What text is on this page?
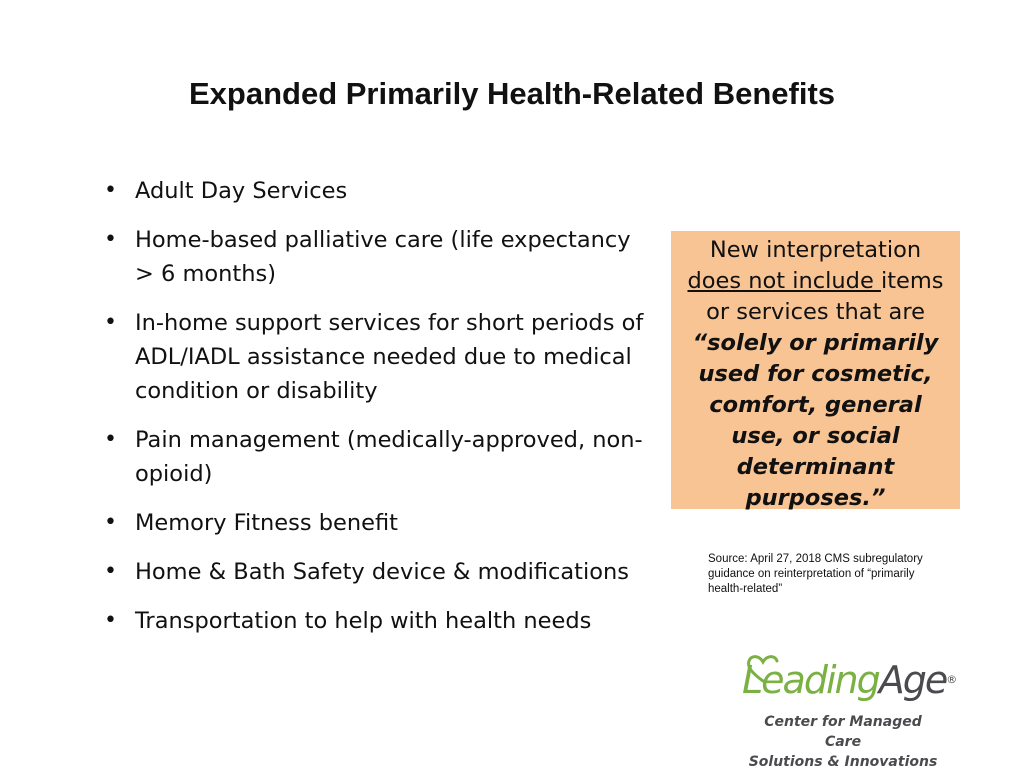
Expanded Primarily Health-Related Benefits
• Adult Day Services
• Home-based palliative care (life expectancy > 6 months)
• In-home support services for short periods of ADL/IADL assistance needed due to medical condition or disability
• Pain management (medically-approved, non-opioid)
• Memory Fitness benefit
• Home & Bath Safety device & modifications
• Transportation to help with health needs
New interpretation
does not include items or services that are
“solely or primarily used for cosmetic, comfort, general use, or social determinant purposes.”
Source: April 27, 2018 CMS subregulatory guidance on reinterpretation of “primarily health-related”
LeadingAge®
Center for Managed Care
Solutions & Innovations
